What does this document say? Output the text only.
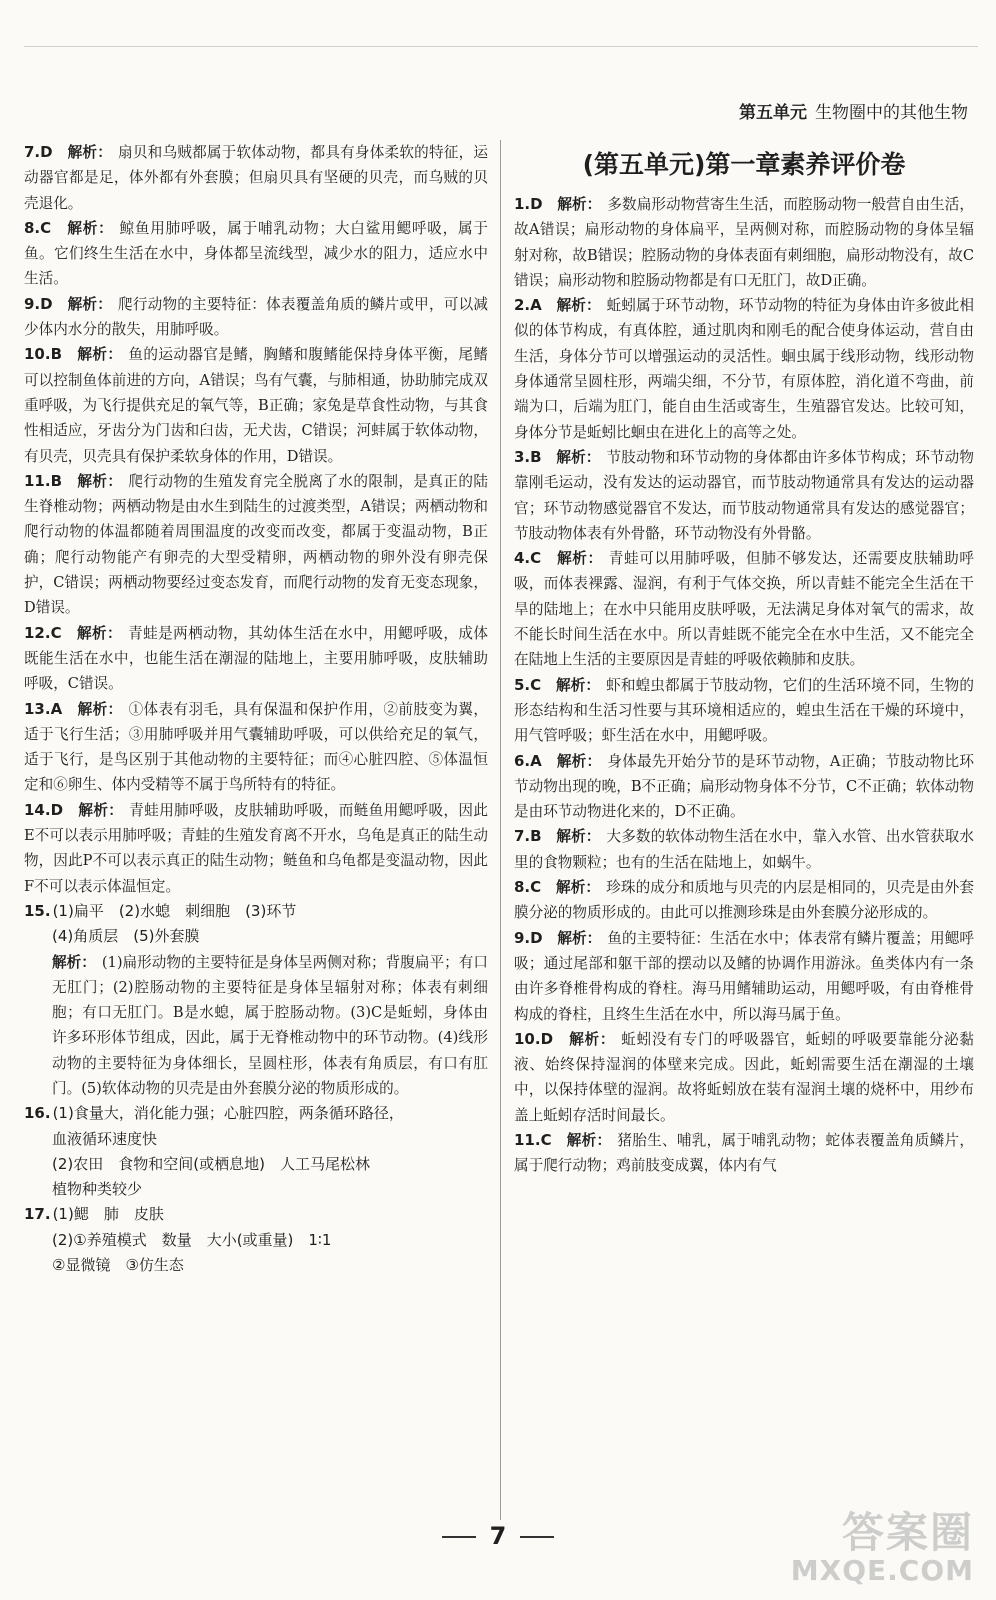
第五单元 生物圈中的其他生物

7.D　 解析： 扇贝和乌贼都属于软体动物，都具有身体柔软的特征，运动器官都是足，体外都有外套膜；但扇贝具有坚硬的贝壳，而乌贼的贝壳退化。

8.C　 解析： 鲸鱼用肺呼吸，属于哺乳动物；大白鲨用鳃呼吸，属于鱼。它们终生生活在水中，身体都呈流线型，减少水的阻力，适应水中生活。

9.D　 解析： 爬行动物的主要特征：体表覆盖角质的鳞片或甲，可以减少体内水分的散失，用肺呼吸。

10.B　 解析： 鱼的运动器官是鳍，胸鳍和腹鳍能保持身体平衡，尾鳍可以控制鱼体前进的方向，A错误；鸟有气囊，与肺相通，协助肺完成双重呼吸，为飞行提供充足的氧气等，B正确；家兔是草食性动物，与其食性相适应，牙齿分为门齿和臼齿，无犬齿，C错误；河蚌属于软体动物，有贝壳，贝壳具有保护柔软身体的作用，D错误。

11.B　 解析： 爬行动物的生殖发育完全脱离了水的限制，是真正的陆生脊椎动物；两栖动物是由水生到陆生的过渡类型，A错误；两栖动物和爬行动物的体温都随着周围温度的改变而改变，都属于变温动物，B正确；爬行动物能产有卵壳的大型受精卵，两栖动物的卵外没有卵壳保护，C错误；两栖动物要经过变态发育，而爬行动物的发育无变态现象，D错误。

12.C　 解析： 青蛙是两栖动物，其幼体生活在水中，用鳃呼吸，成体既能生活在水中，也能生活在潮湿的陆地上，主要用肺呼吸，皮肤辅助呼吸，C错误。

13.A　 解析： ①体表有羽毛，具有保温和保护作用，②前肢变为翼，适于飞行生活；③用肺呼吸并用气囊辅助呼吸，可以供给充足的氧气，适于飞行，是鸟区别于其他动物的主要特征；而④心脏四腔、⑤体温恒定和⑥卵生、体内受精等不属于鸟所特有的特征。

14.D　 解析： 青蛙用肺呼吸，皮肤辅助呼吸，而鲢鱼用鳃呼吸，因此E不可以表示用肺呼吸；青蛙的生殖发育离不开水，乌龟是真正的陆生动物，因此P不可以表示真正的陆生动物；鲢鱼和乌龟都是变温动物，因此F不可以表示体温恒定。

15. (1)扁平　(2)水螅　刺细胞　(3)环节

(4)角质层　(5)外套膜

解析： (1)扁形动物的主要特征是身体呈两侧对称；背腹扁平；有口无肛门；(2)腔肠动物的主要特征是身体呈辐射对称；体表有刺细胞；有口无肛门。B是水螅，属于腔肠动物。(3)C是蚯蚓，身体由许多环形体节组成，因此，属于无脊椎动物中的环节动物。(4)线形动物的主要特征为身体细长，呈圆柱形，体表有角质层，有口有肛门。(5)软体动物的贝壳是由外套膜分泌的物质形成的。

16. (1)食量大，消化能力强；心脏四腔，两条循环路径，

血液循环速度快

(2)农田　食物和空间(或栖息地)　人工马尾松林

植物种类较少

17. (1)鳃　肺　皮肤

(2)①养殖模式　数量　大小(或重量)　1∶1

②显微镜　③仿生态

(第五单元)第一章素养评价卷

1.D　 解析： 多数扁形动物营寄生生活，而腔肠动物一般营自由生活，故A错误；扁形动物的身体扁平，呈两侧对称，而腔肠动物的身体呈辐射对称，故B错误；腔肠动物的身体表面有刺细胞，扁形动物没有，故C错误；扁形动物和腔肠动物都是有口无肛门，故D正确。

2.A　 解析： 蚯蚓属于环节动物，环节动物的特征为身体由许多彼此相似的体节构成，有真体腔，通过肌肉和刚毛的配合使身体运动，营自由生活，身体分节可以增强运动的灵活性。蛔虫属于线形动物，线形动物身体通常呈圆柱形，两端尖细，不分节，有原体腔，消化道不弯曲，前端为口，后端为肛门，能自由生活或寄生，生殖器官发达。比较可知，身体分节是蚯蚓比蛔虫在进化上的高等之处。

3.B　 解析： 节肢动物和环节动物的身体都由许多体节构成；环节动物靠刚毛运动，没有发达的运动器官，而节肢动物通常具有发达的运动器官；环节动物感觉器官不发达，而节肢动物通常具有发达的感觉器官；节肢动物体表有外骨骼，环节动物没有外骨骼。

4.C　 解析： 青蛙可以用肺呼吸，但肺不够发达，还需要皮肤辅助呼吸，而体表裸露、湿润，有利于气体交换，所以青蛙不能完全生活在干旱的陆地上；在水中只能用皮肤呼吸，无法满足身体对氧气的需求，故不能长时间生活在水中。所以青蛙既不能完全在水中生活，又不能完全在陆地上生活的主要原因是青蛙的呼吸依赖肺和皮肤。

5.C　 解析： 虾和蝗虫都属于节肢动物，它们的生活环境不同，生物的形态结构和生活习性要与其环境相适应的，蝗虫生活在干燥的环境中，用气管呼吸；虾生活在水中，用鳃呼吸。

6.A　 解析： 身体最先开始分节的是环节动物，A正确；节肢动物比环节动物出现的晚，B不正确；扁形动物身体不分节，C不正确；软体动物是由环节动物进化来的，D不正确。

7.B　 解析： 大多数的软体动物生活在水中，靠入水管、出水管获取水里的食物颗粒；也有的生活在陆地上，如蜗牛。

8.C　 解析： 珍珠的成分和质地与贝壳的内层是相同的，贝壳是由外套膜分泌的物质形成的。由此可以推测珍珠是由外套膜分泌形成的。

9.D　 解析： 鱼的主要特征：生活在水中；体表常有鳞片覆盖；用鳃呼吸；通过尾部和躯干部的摆动以及鳍的协调作用游泳。鱼类体内有一条由许多脊椎骨构成的脊柱。海马用鳍辅助运动，用鳃呼吸，有由脊椎骨构成的脊柱，且终生生活在水中，所以海马属于鱼。

10.D　 解析： 蚯蚓没有专门的呼吸器官，蚯蚓的呼吸要靠能分泌黏液、始终保持湿润的体壁来完成。因此，蚯蚓需要生活在潮湿的土壤中，以保持体壁的湿润。故将蚯蚓放在装有湿润土壤的烧杯中，用纱布盖上蚯蚓存活时间最长。

11.C　 解析： 猪胎生、哺乳，属于哺乳动物；蛇体表覆盖角质鳞片，属于爬行动物；鸡前肢变成翼，体内有气

7	答案圈
MXQE.COM
